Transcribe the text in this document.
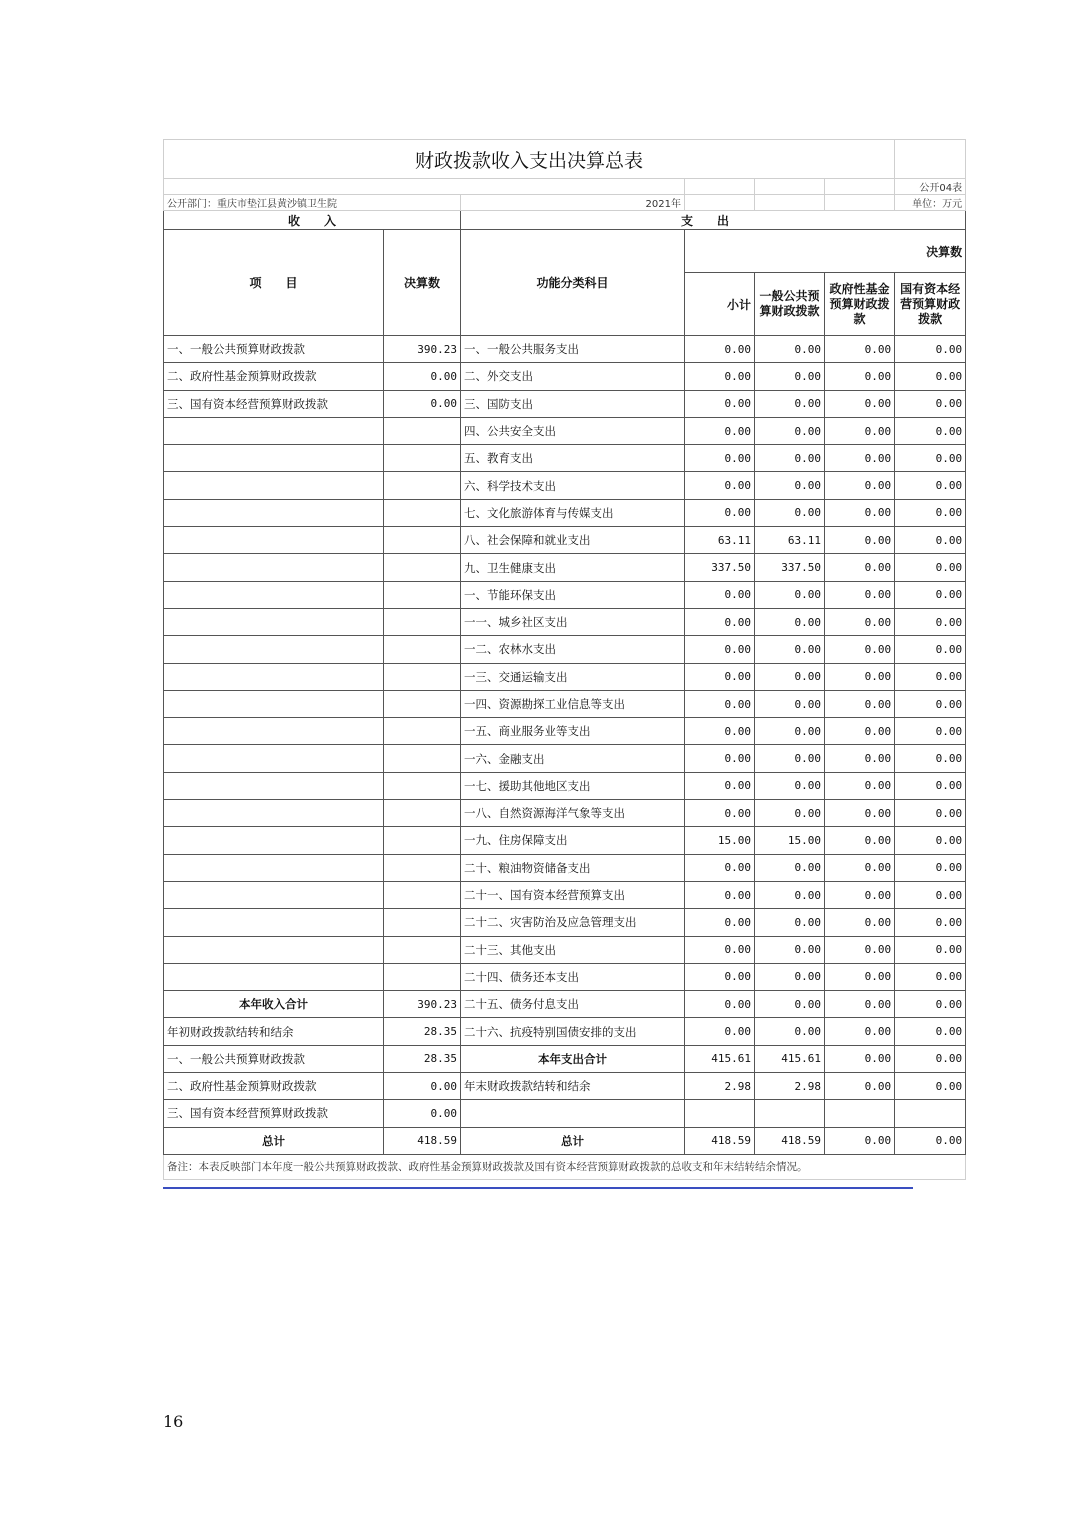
财政拨款收入支出决算总表						
						公开04表
公开部门：重庆市垫江县黄沙镇卫生院		2021年				单位：万元
收　　入		支　　出				
项　　目	决算数	功能分类科目	决算数			
			小计	一般公共预算财政拨款	政府性基金预算财政拨款	国有资本经营预算财政拨款
一、一般公共预算财政拨款	390.23	一、一般公共服务支出	0.00	0.00	0.00	0.00
二、政府性基金预算财政拨款	0.00	二、外交支出	0.00	0.00	0.00	0.00
三、国有资本经营预算财政拨款	0.00	三、国防支出	0.00	0.00	0.00	0.00
		四、公共安全支出	0.00	0.00	0.00	0.00
		五、教育支出	0.00	0.00	0.00	0.00
		六、科学技术支出	0.00	0.00	0.00	0.00
		七、文化旅游体育与传媒支出	0.00	0.00	0.00	0.00
		八、社会保障和就业支出	63.11	63.11	0.00	0.00
		九、卫生健康支出	337.50	337.50	0.00	0.00
		一、节能环保支出	0.00	0.00	0.00	0.00
		一一、城乡社区支出	0.00	0.00	0.00	0.00
		一二、农林水支出	0.00	0.00	0.00	0.00
		一三、交通运输支出	0.00	0.00	0.00	0.00
		一四、资源勘探工业信息等支出	0.00	0.00	0.00	0.00
		一五、商业服务业等支出	0.00	0.00	0.00	0.00
		一六、金融支出	0.00	0.00	0.00	0.00
		一七、援助其他地区支出	0.00	0.00	0.00	0.00
		一八、自然资源海洋气象等支出	0.00	0.00	0.00	0.00
		一九、住房保障支出	15.00	15.00	0.00	0.00
		二十、粮油物资储备支出	0.00	0.00	0.00	0.00
		二十一、国有资本经营预算支出	0.00	0.00	0.00	0.00
		二十二、灾害防治及应急管理支出	0.00	0.00	0.00	0.00
		二十三、其他支出	0.00	0.00	0.00	0.00
		二十四、债务还本支出	0.00	0.00	0.00	0.00
本年收入合计	390.23	二十五、债务付息支出	0.00	0.00	0.00	0.00
年初财政拨款结转和结余	28.35	二十六、抗疫特别国债安排的支出	0.00	0.00	0.00	0.00
一、一般公共预算财政拨款	28.35	本年支出合计	415.61	415.61	0.00	0.00
二、政府性基金预算财政拨款	0.00	年末财政拨款结转和结余	2.98	2.98	0.00	0.00
三、国有资本经营预算财政拨款	0.00					
总计	418.59	总计	418.59	418.59	0.00	0.00
备注：本表反映部门本年度一般公共预算财政拨款、政府性基金预算财政拨款及国有资本经营预算财政拨款的总收支和年末结转结余情况。						
16
